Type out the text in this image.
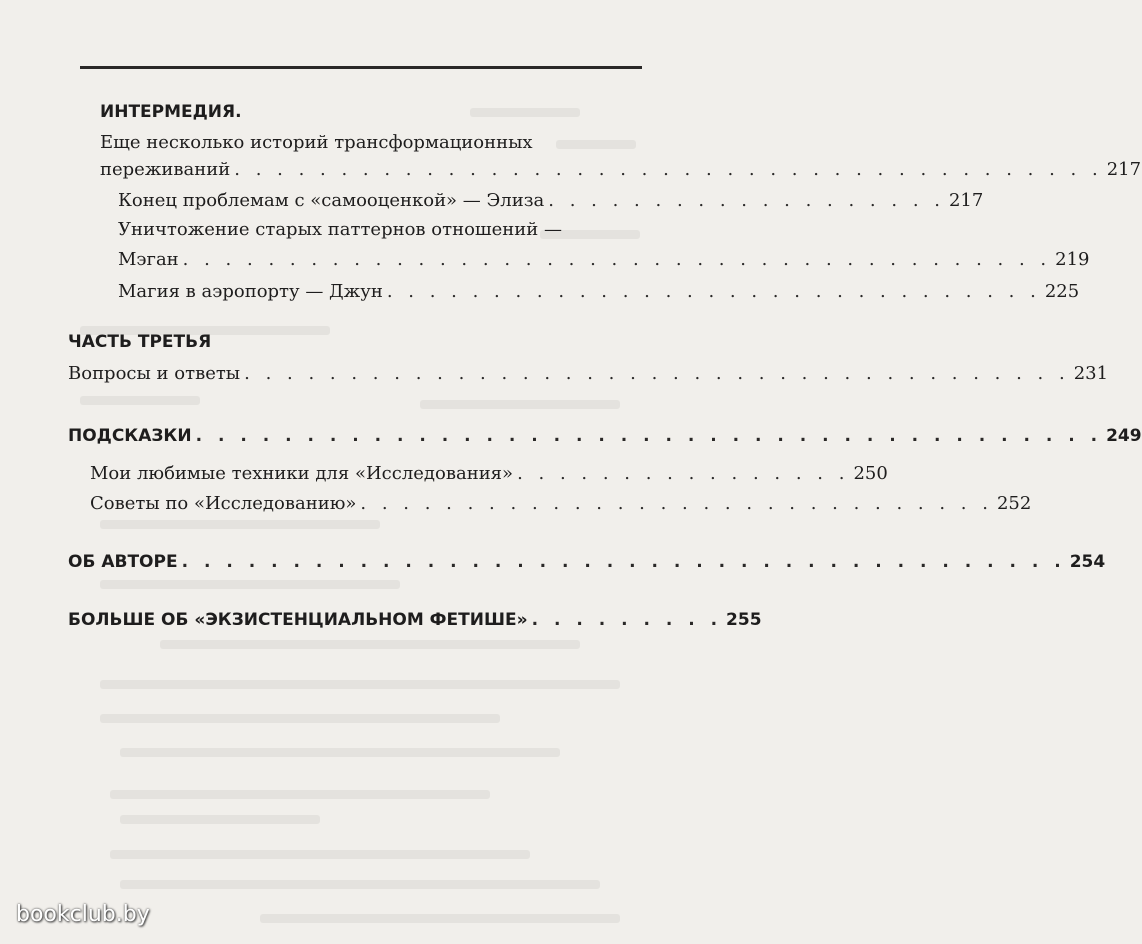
ИНТЕРМЕДИЯ.
Еще несколько историй трансформационных
переживаний . . . . . . . . . . . . . . . . . . . . . . . . . . . . . . . . . . . . . . . . . 217
Конец проблемам с «самооценкой» — Элиза . . . . . . . . . . . . . . . . . . . 217
Уничтожение старых паттернов отношений —
Мэган . . . . . . . . . . . . . . . . . . . . . . . . . . . . . . . . . . . . . . . . . 219
Магия в аэропорту — Джун . . . . . . . . . . . . . . . . . . . . . . . . . . . . . . . 225
ЧАСТЬ ТРЕТЬЯ
Вопросы и ответы . . . . . . . . . . . . . . . . . . . . . . . . . . . . . . . . . . . . . . . 231
ПОДСКАЗКИ . . . . . . . . . . . . . . . . . . . . . . . . . . . . . . . . . . . . . . . . . 249
Мои любимые техники для «Исследования» . . . . . . . . . . . . . . . . 250
Советы по «Исследованию» . . . . . . . . . . . . . . . . . . . . . . . . . . . . . . 252
ОБ АВТОРЕ . . . . . . . . . . . . . . . . . . . . . . . . . . . . . . . . . . . . . . . . 254
БОЛЬШЕ ОБ «ЭКЗИСТЕНЦИАЛЬНОМ ФЕТИШЕ» . . . . . . . . . 255
bookclub.by
